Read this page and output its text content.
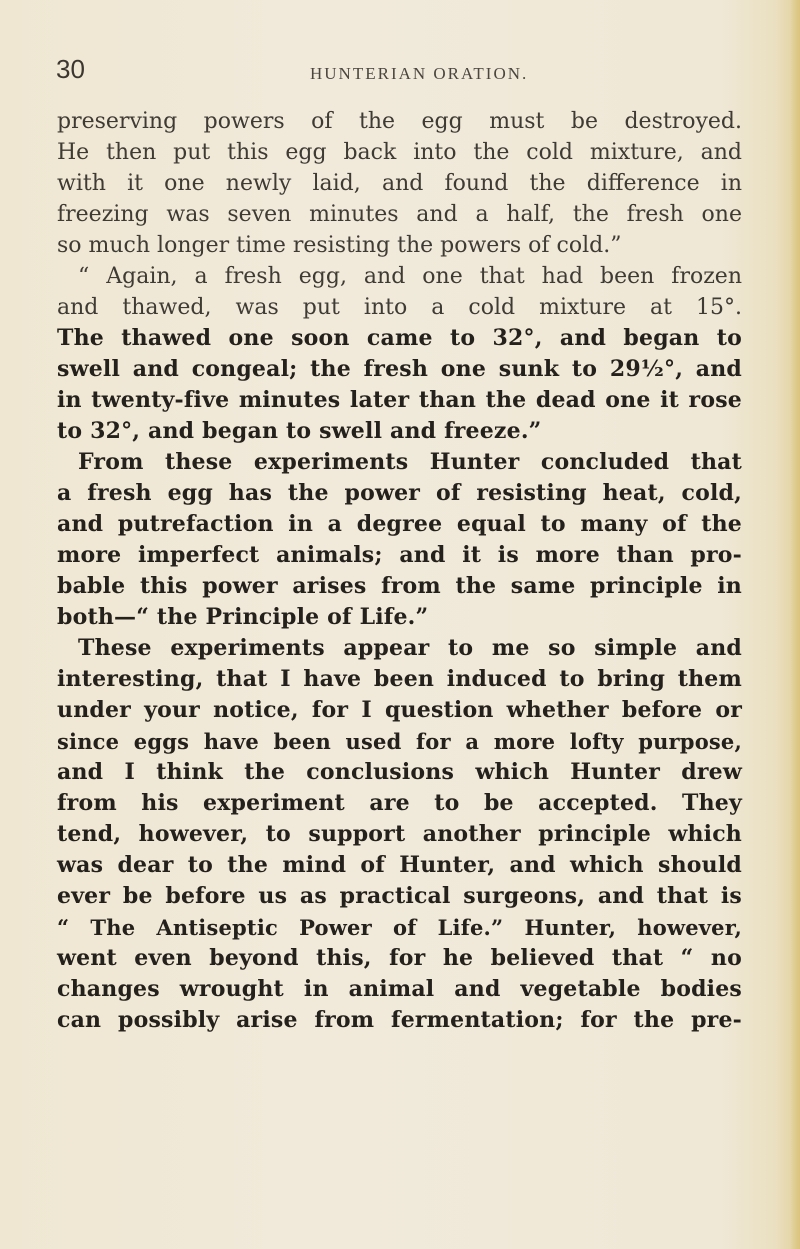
30	HUNTERIAN ORATION.
preserving powers of the egg must be destroyed.
He then put this egg back into the cold mixture, and
with it one newly laid, and found the difference in
freezing was seven minutes and a half, the fresh one
so much longer time resisting the powers of cold.”
“ Again, a fresh egg, and one that had been frozen
and thawed, was put into a cold mixture at 15°.
The thawed one soon came to 32°, and began to
swell and congeal; the fresh one sunk to 29½°, and
in twenty-five minutes later than the dead one it rose
to 32°, and began to swell and freeze.”
From these experiments Hunter concluded that
a fresh egg has the power of resisting heat, cold,
and putrefaction in a degree equal to many of the
more imperfect animals; and it is more than pro-
bable this power arises from the same principle in
both—“ the Principle of Life.”
These experiments appear to me so simple and
interesting, that I have been induced to bring them
under your notice, for I question whether before or
since eggs have been used for a more lofty purpose,
and I think the conclusions which Hunter drew
from his experiment are to be accepted. They
tend, however, to support another principle which
was dear to the mind of Hunter, and which should
ever be before us as practical surgeons, and that is
“ The Antiseptic Power of Life.” Hunter, however,
went even beyond this, for he believed that “ no
changes wrought in animal and vegetable bodies
can possibly arise from fermentation; for the pre-
